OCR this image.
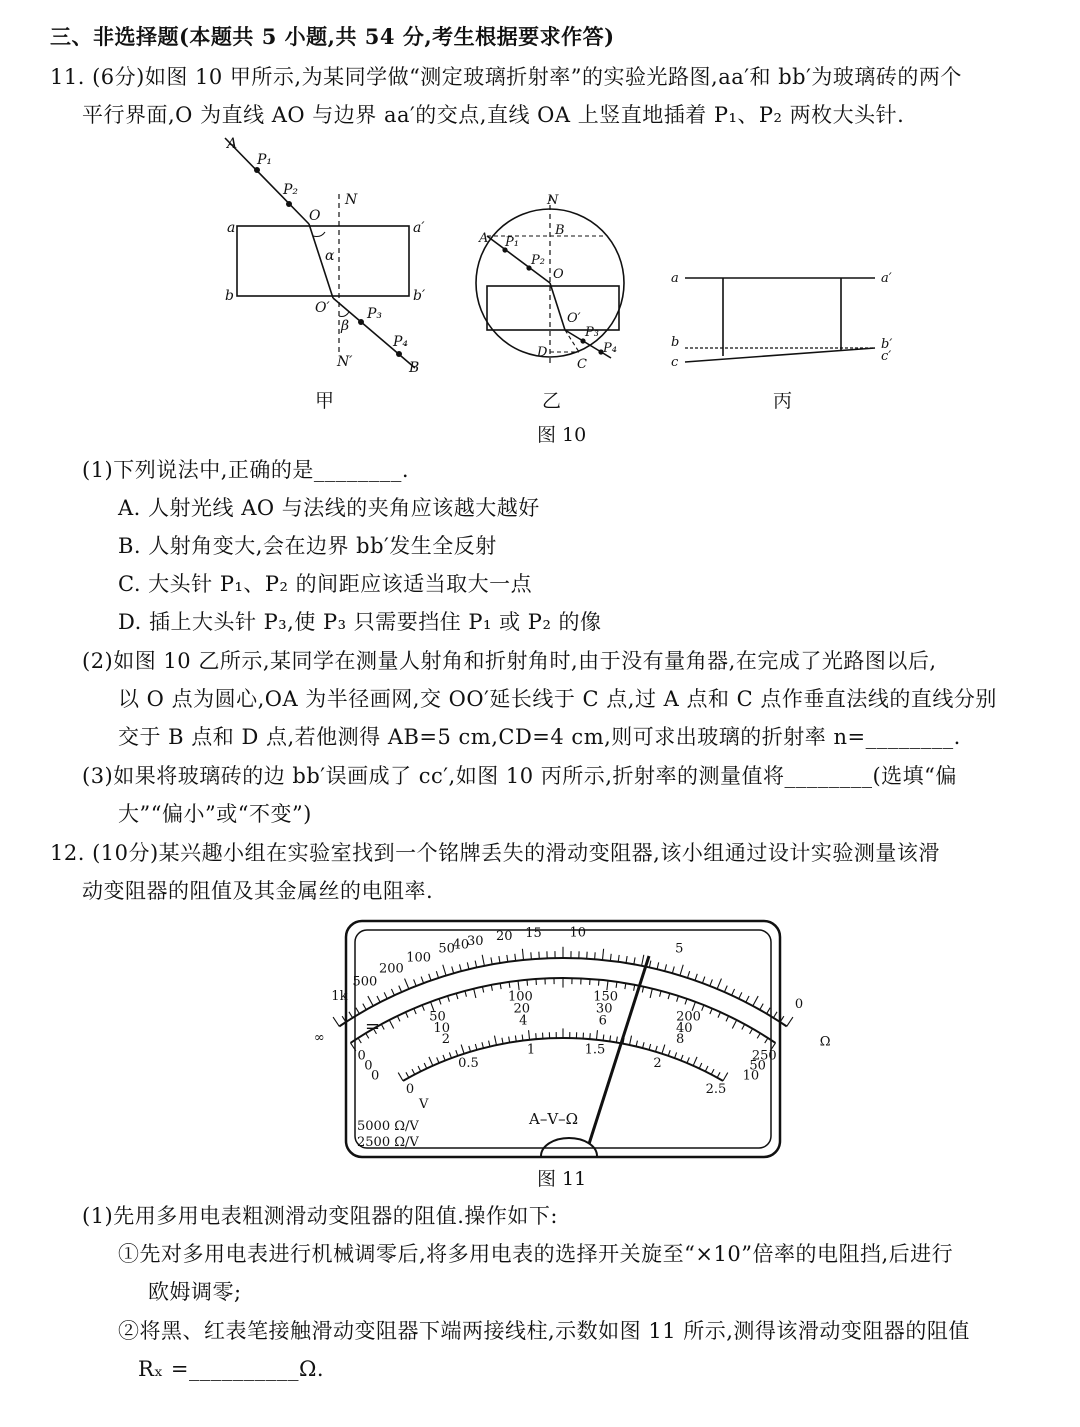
三、非选择题(本题共 5 小题,共 54 分,考生根据要求作答)
11. (6分)如图 10 甲所示,为某同学做“测定玻璃折射率”的实验光路图,aa′和 bb′为玻璃砖的两个
平行界面,O 为直线 AO 与边界 aa′的交点,直线 OA 上竖直地插着 P₁、P₂ 两枚大头针.
A
P₁
P₂
O
N
a	a′
b	b′
α
O′	P₃
β
P₄
N′	B
甲
N
A P₁
B
P₂
O
O′
P₃
P₄
D
C
乙
a	a′
b	b′
c	c′
丙
图 10
(1)下列说法中,正确的是________.
A. 人射光线 AO 与法线的夹角应该越大越好
B. 人射角变大,会在边界 bb′发生全反射
C. 大头针 P₁、P₂ 的间距应该适当取大一点
D. 插上大头针 P₃,使 P₃ 只需要挡住 P₁ 或 P₂ 的像
(2)如图 10 乙所示,某同学在测量人射角和折射角时,由于没有量角器,在完成了光路图以后,
以 O 点为圆心,OA 为半径画网,交 OO′延长线于 C 点,过 A 点和 C 点作垂直法线的直线分别
交于 B 点和 D 点,若他测得 AB=5 cm,CD=4 cm,则可求出玻璃的折射率 n=________.
(3)如果将玻璃砖的边 bb′误画成了 cc′,如图 10 丙所示,折射率的测量值将________(选填“偏
大”“偏小”或“不变”)
12. (10分)某兴趣小组在实验室找到一个铭牌丢失的滑动变阻器,该小组通过设计实验测量该滑
动变阻器的阻值及其金属丝的电阻率.
1k
500
200
100
50
40
30 20 15 10
5
0
Ω
∞
0
50
100	150
200
250
0
10
20	30
40
50
0
2
4	6
8
10
0
0.5
1	1.5
2
2.5
=
V
5000 Ω/V
2500 Ω/V
A–V–Ω
图 11
(1)先用多用电表粗测滑动变阻器的阻值.操作如下:
①先对多用电表进行机械调零后,将多用电表的选择开关旋至“×10”倍率的电阻挡,后进行
欧姆调零;
②将黑、红表笔接触滑动变阻器下端两接线柱,示数如图 11 所示,测得该滑动变阻器的阻值
Rₓ =__________Ω.
